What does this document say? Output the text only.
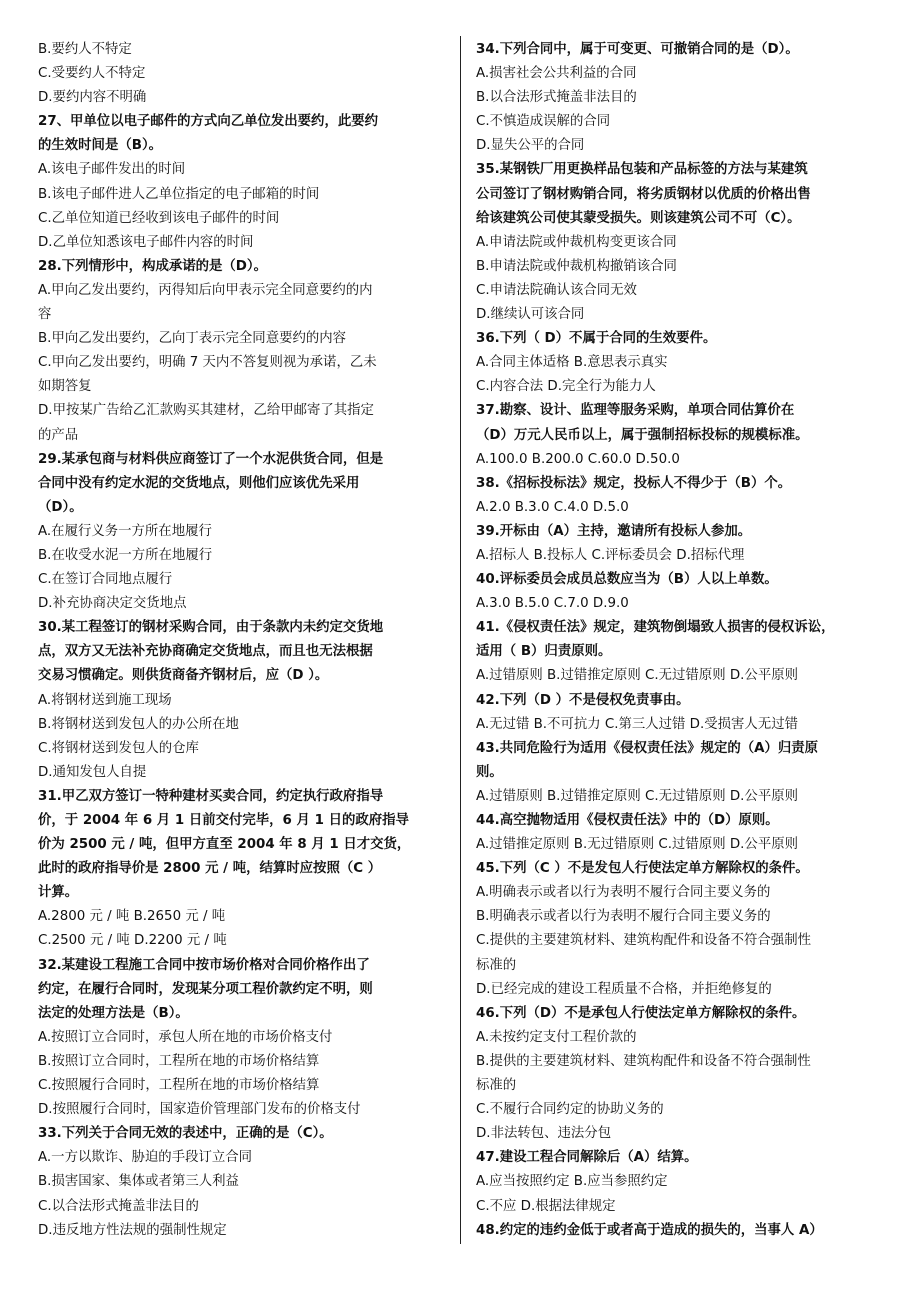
B.要约人不特定
C.受要约人不特定
D.要约内容不明确
27、甲单位以电子邮件的方式向乙单位发出要约，此要约
的生效时间是（B）。
A.该电子邮件发出的时间
B.该电子邮件进人乙单位指定的电子邮箱的时间
C.乙单位知道已经收到该电子邮件的时间
D.乙单位知悉该电子邮件内容的时间
28.下列情形中，构成承诺的是（D）。
A.甲向乙发出要约，丙得知后向甲表示完全同意要约的内
容
B.甲向乙发出要约，乙向丁表示完全同意要约的内容
C.甲向乙发出要约，明确 7 天内不答复则视为承诺，乙未
如期答复
D.甲按某广告给乙汇款购买其建材，乙给甲邮寄了其指定
的产品
29.某承包商与材料供应商签订了一个水泥供货合同，但是
合同中没有约定水泥的交货地点，则他们应该优先采用
（D）。
A.在履行义务一方所在地履行
B.在收受水泥一方所在地履行
C.在签订合同地点履行
D.补充协商决定交货地点
30.某工程签订的钢材采购合同，由于条款内未约定交货地
点，双方又无法补充协商确定交货地点，而且也无法根据
交易习惯确定。则供货商备齐钢材后，应（D ）。
A.将钢材送到施工现场
B.将钢材送到发包人的办公所在地
C.将钢材送到发包人的仓库
D.通知发包人自提
31.甲乙双方签订一特种建材买卖合同，约定执行政府指导
价，于 2004 年 6 月 1 日前交付完毕，6 月 1 日的政府指导
价为 2500 元 / 吨，但甲方直至 2004 年 8 月 1 日才交货，
此时的政府指导价是 2800 元 / 吨，结算时应按照（C ）
计算。
A.2800 元 / 吨 B.2650 元 / 吨
C.2500 元 / 吨 D.2200 元 / 吨
32.某建设工程施工合同中按市场价格对合同价格作出了
约定，在履行合同时，发现某分项工程价款约定不明，则
法定的处理方法是（B）。
A.按照订立合同时，承包人所在地的市场价格支付
B.按照订立合同时，工程所在地的市场价格结算
C.按照履行合同时，工程所在地的市场价格结算
D.按照履行合同时，国家造价管理部门发布的价格支付
33.下列关于合同无效的表述中，正确的是（C）。
A.一方以欺诈、胁迫的手段订立合同
B.损害国家、集体或者第三人利益
C.以合法形式掩盖非法目的
D.违反地方性法规的强制性规定
34.下列合同中，属于可变更、可撤销合同的是（D）。
A.损害社会公共利益的合同
B.以合法形式掩盖非法目的
C.不慎造成误解的合同
D.显失公平的合同
35.某钢铁厂用更换样品包装和产品标签的方法与某建筑
公司签订了钢材购销合同，将劣质钢材以优质的价格出售
给该建筑公司使其蒙受损失。则该建筑公司不可（C）。
A.申请法院或仲裁机构变更该合同
B.申请法院或仲裁机构撤销该合同
C.申请法院确认该合同无效
D.继续认可该合同
36.下列（ D）不属于合同的生效要件。
A.合同主体适格 B.意思表示真实
C.内容合法 D.完全行为能力人
37.勘察、设计、监理等服务采购，单项合同估算价在
（D）万元人民币以上，属于强制招标投标的规模标准。
A.100.0 B.200.0 C.60.0 D.50.0
38.《招标投标法》规定，投标人不得少于（B）个。
A.2.0 B.3.0 C.4.0 D.5.0
39.开标由（A）主持，邀请所有投标人参加。
A.招标人 B.投标人 C.评标委员会 D.招标代理
40.评标委员会成员总数应当为（B）人以上单数。
A.3.0 B.5.0 C.7.0 D.9.0
41.《侵权责任法》规定，建筑物倒塌致人损害的侵权诉讼，
适用（ B）归责原则。
A.过错原则 B.过错推定原则 C.无过错原则 D.公平原则
42.下列（D ）不是侵权免责事由。
A.无过错 B.不可抗力 C.第三人过错 D.受损害人无过错
43.共同危险行为适用《侵权责任法》规定的（A）归责原
则。
A.过错原则 B.过错推定原则 C.无过错原则 D.公平原则
44.高空抛物适用《侵权责任法》中的（D）原则。
A.过错推定原则 B.无过错原则 C.过错原则 D.公平原则
45.下列（C ）不是发包人行使法定单方解除权的条件。
A.明确表示或者以行为表明不履行合同主要义务的
B.明确表示或者以行为表明不履行合同主要义务的
C.提供的主要建筑材料、建筑构配件和设备不符合强制性
标准的
D.已经完成的建设工程质量不合格，并拒绝修复的
46.下列（D）不是承包人行使法定单方解除权的条件。
A.未按约定支付工程价款的
B.提供的主要建筑材料、建筑构配件和设备不符合强制性
标准的
C.不履行合同约定的协助义务的
D.非法转包、违法分包
47.建设工程合同解除后（A）结算。
A.应当按照约定 B.应当参照约定
C.不应 D.根据法律规定
48.约定的违约金低于或者高于造成的损失的，当事人 A）
